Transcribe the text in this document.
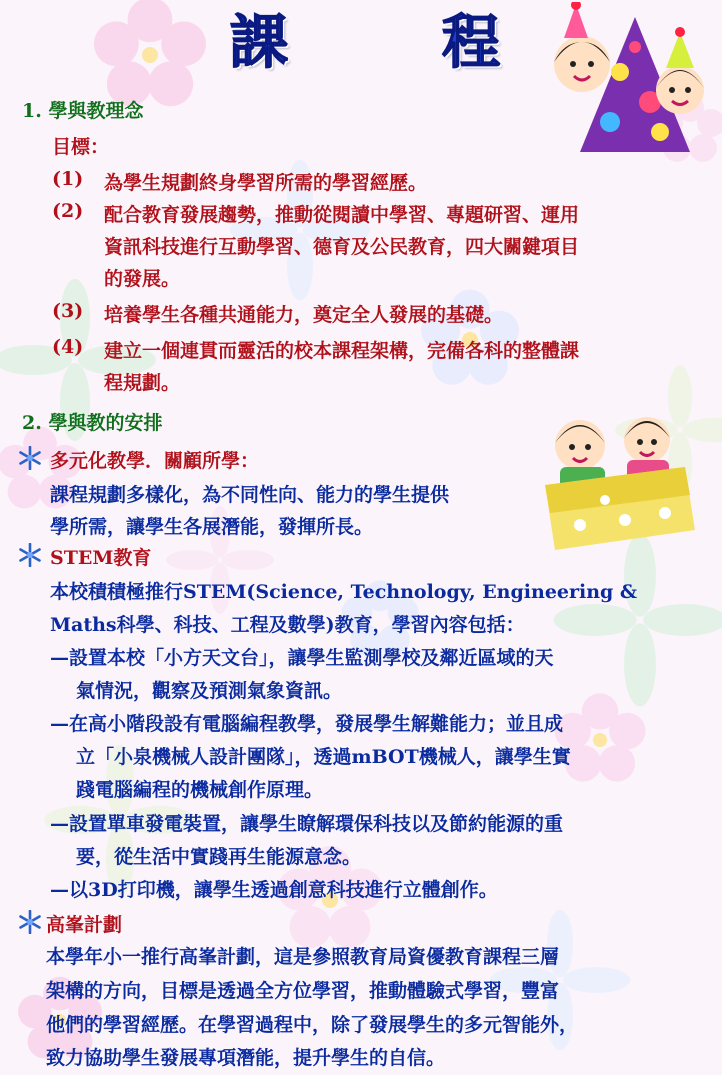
課	程
1. 學與教理念
目標：
(1) 為學生規劃終身學習所需的學習經歷。
(2) 配合教育發展趨勢，推動從閱讀中學習、專題研習、運用
資訊科技進行互動學習、德育及公民教育，四大關鍵項目
的發展。
(3) 培養學生各種共通能力，奠定全人發展的基礎。
(4) 建立一個連貫而靈活的校本課程架構，完備各科的整體課
程規劃。
2. 學與教的安排
多元化教學．關顧所學：
課程規劃多樣化，為不同性向、能力的學生提供
學所需，讓學生各展潛能，發揮所長。
STEM教育
本校積積極推行STEM(Science, Technology, Engineering &
Maths科學、科技、工程及數學)教育，學習內容包括：
—設置本校「小方天文台」，讓學生監測學校及鄰近區域的天
氣情況，觀察及預測氣象資訊。
—在高小階段設有電腦編程教學，發展學生解難能力；並且成
立「小泉機械人設計團隊」，透過mBOT機械人，讓學生實
踐電腦編程的機械創作原理。
—設置單車發電裝置，讓學生瞭解環保科技以及節約能源的重
要，從生活中實踐再生能源意念。
—以3D打印機，讓學生透過創意科技進行立體創作。
高峯計劃
本學年小一推行高峯計劃，這是參照教育局資優教育課程三層
架構的方向，目標是透過全方位學習，推動體驗式學習，豐富
他們的學習經歷。在學習過程中，除了發展學生的多元智能外，
致力協助學生發展專項潛能，提升學生的自信。
